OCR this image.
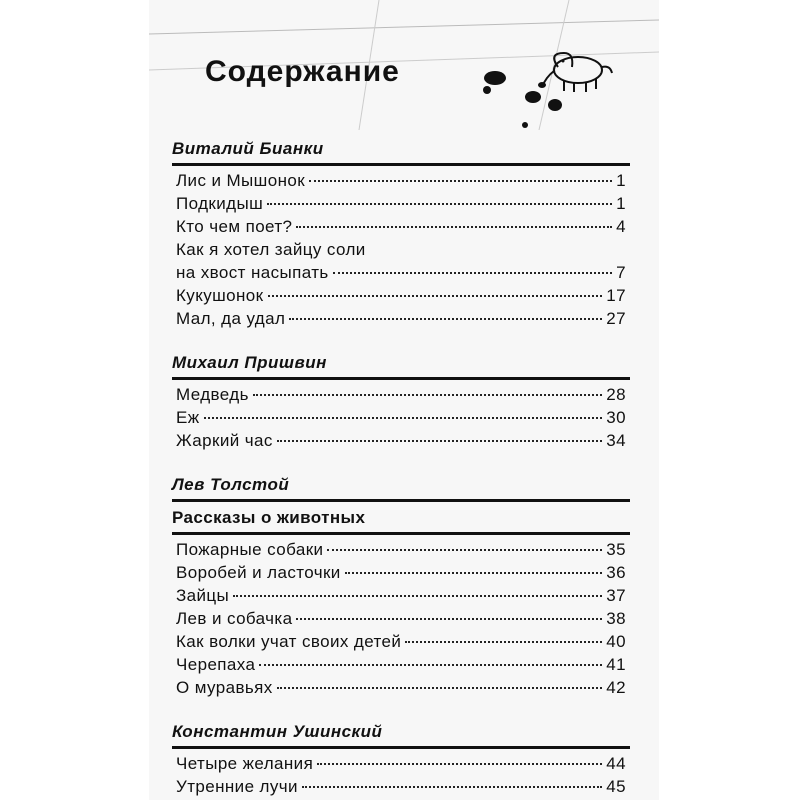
Содержание
Виталий Бианки
Лис и Мышонок	1
Подкидыш	1
Кто чем поет?	4
Как я хотел зайцу соли
на хвост насыпать	7
Кукушонок	17
Мал, да удал	27
Михаил Пришвин
Медведь	28
Еж	30
Жаркий час	34
Лев Толстой
Рассказы о животных
Пожарные собаки	35
Воробей и ласточки	36
Зайцы	37
Лев и собачка	38
Как волки учат своих детей	40
Черепаха	41
О муравьях	42
Константин Ушинский
Четыре желания	44
Утренние лучи	45
